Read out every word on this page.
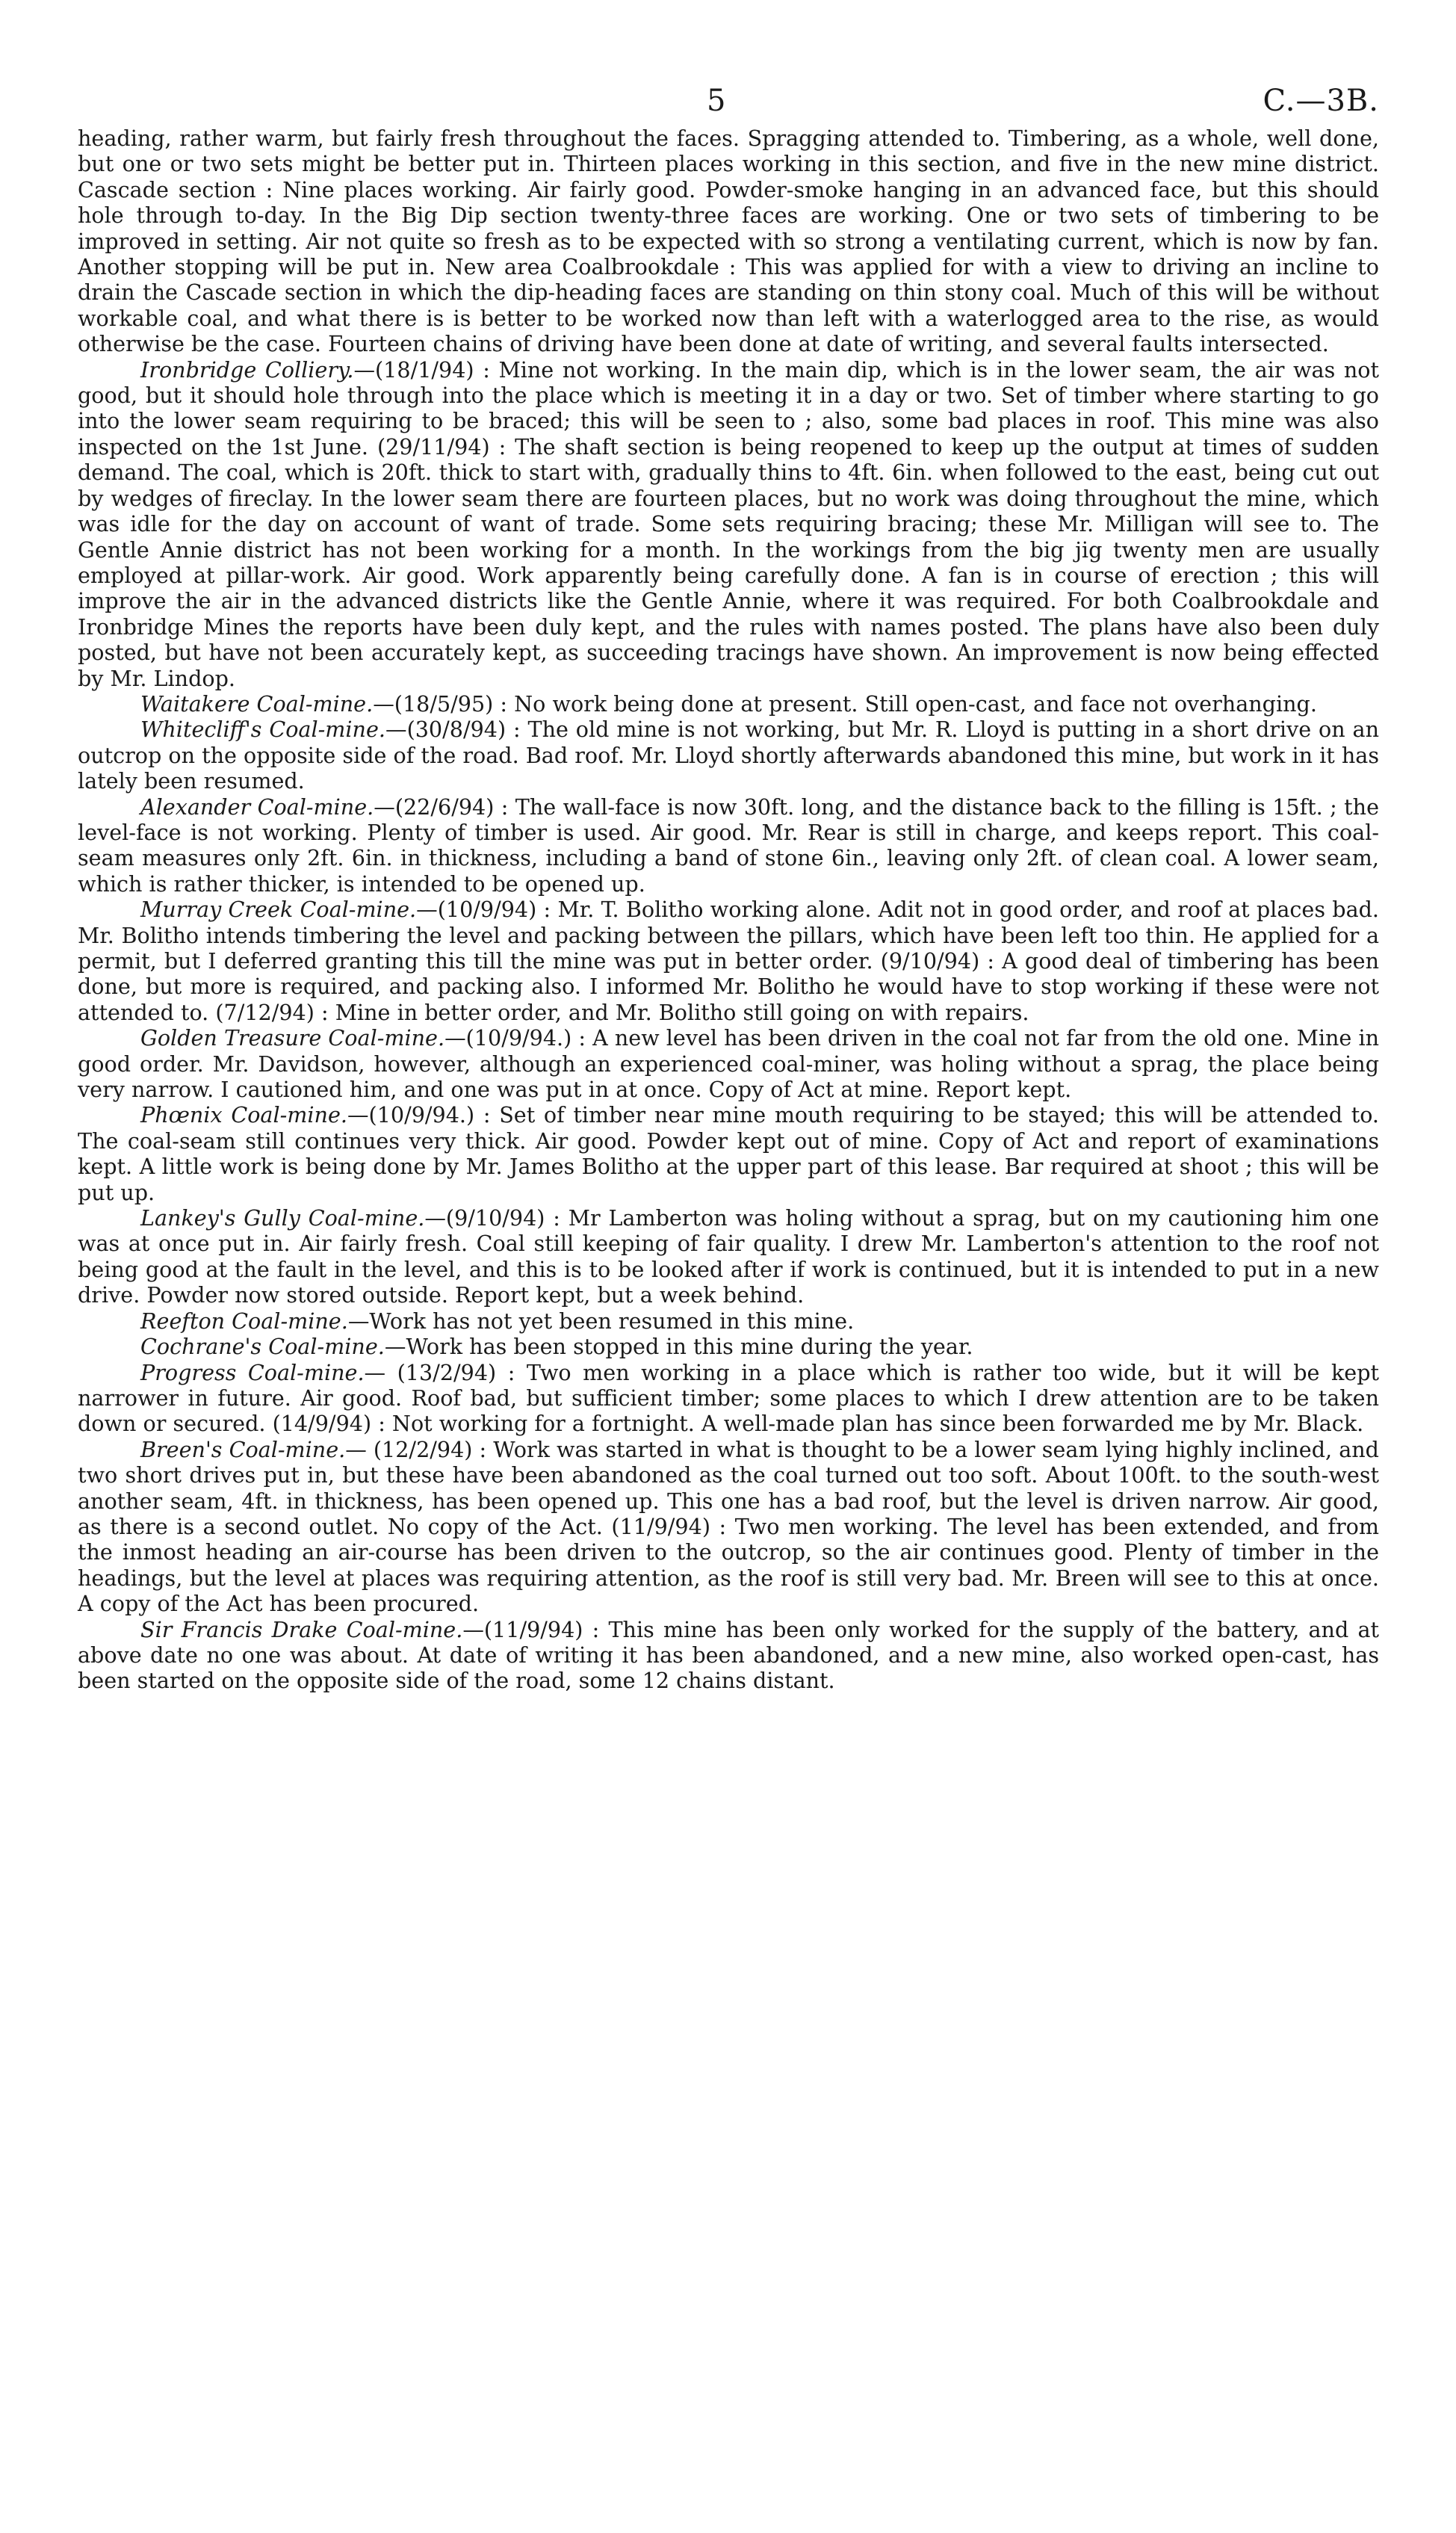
5	C.—3B.

heading, rather warm, but fairly fresh throughout the faces. Spragging attended to. Timbering, as a whole, well done, but one or two sets might be better put in. Thirteen places working in this section, and five in the new mine district. Cascade section : Nine places working. Air fairly good. Powder-smoke hanging in an advanced face, but this should hole through to-day. In the Big Dip section twenty-three faces are working. One or two sets of timbering to be improved in setting. Air not quite so fresh as to be expected with so strong a ventilating current, which is now by fan. Another stopping will be put in. New area Coalbrookdale : This was applied for with a view to driving an incline to drain the Cascade section in which the dip-heading faces are standing on thin stony coal. Much of this will be without workable coal, and what there is is better to be worked now than left with a waterlogged area to the rise, as would otherwise be the case. Fourteen chains of driving have been done at date of writing, and several faults intersected.

Ironbridge Colliery.—(18/1/94) : Mine not working. In the main dip, which is in the lower seam, the air was not good, but it should hole through into the place which is meeting it in a day or two. Set of timber where starting to go into the lower seam requiring to be braced; this will be seen to ; also, some bad places in roof. This mine was also inspected on the 1st June. (29/11/94) : The shaft section is being reopened to keep up the output at times of sudden demand. The coal, which is 20ft. thick to start with, gradually thins to 4ft. 6in. when followed to the east, being cut out by wedges of fireclay. In the lower seam there are fourteen places, but no work was doing throughout the mine, which was idle for the day on account of want of trade. Some sets requiring bracing; these Mr. Milligan will see to. The Gentle Annie district has not been working for a month. In the workings from the big jig twenty men are usually employed at pillar-work. Air good. Work apparently being carefully done. A fan is in course of erection ; this will improve the air in the advanced districts like the Gentle Annie, where it was required. For both Coalbrookdale and Ironbridge Mines the reports have been duly kept, and the rules with names posted. The plans have also been duly posted, but have not been accurately kept, as succeeding tracings have shown. An improvement is now being effected by Mr. Lindop.

Waitakere Coal-mine.—(18/5/95) : No work being done at present. Still open-cast, and face not overhanging.

Whitecliff's Coal-mine.—(30/8/94) : The old mine is not working, but Mr. R. Lloyd is putting in a short drive on an outcrop on the opposite side of the road. Bad roof. Mr. Lloyd shortly afterwards abandoned this mine, but work in it has lately been resumed.

Alexander Coal-mine.—(22/6/94) : The wall-face is now 30ft. long, and the distance back to the filling is 15ft. ; the level-face is not working. Plenty of timber is used. Air good. Mr. Rear is still in charge, and keeps report. This coal-seam measures only 2ft. 6in. in thickness, including a band of stone 6in., leaving only 2ft. of clean coal. A lower seam, which is rather thicker, is intended to be opened up.

Murray Creek Coal-mine.—(10/9/94) : Mr. T. Bolitho working alone. Adit not in good order, and roof at places bad. Mr. Bolitho intends timbering the level and packing between the pillars, which have been left too thin. He applied for a permit, but I deferred granting this till the mine was put in better order. (9/10/94) : A good deal of timbering has been done, but more is required, and packing also. I informed Mr. Bolitho he would have to stop working if these were not attended to. (7/12/94) : Mine in better order, and Mr. Bolitho still going on with repairs.

Golden Treasure Coal-mine.—(10/9/94.) : A new level has been driven in the coal not far from the old one. Mine in good order. Mr. Davidson, however, although an experienced coal-miner, was holing without a sprag, the place being very narrow. I cautioned him, and one was put in at once. Copy of Act at mine. Report kept.

Phœnix Coal-mine.—(10/9/94.) : Set of timber near mine mouth requiring to be stayed; this will be attended to. The coal-seam still continues very thick. Air good. Powder kept out of mine. Copy of Act and report of examinations kept. A little work is being done by Mr. James Bolitho at the upper part of this lease. Bar required at shoot ; this will be put up.

Lankey's Gully Coal-mine.—(9/10/94) : Mr Lamberton was holing without a sprag, but on my cautioning him one was at once put in. Air fairly fresh. Coal still keeping of fair quality. I drew Mr. Lamberton's attention to the roof not being good at the fault in the level, and this is to be looked after if work is continued, but it is intended to put in a new drive. Powder now stored outside. Report kept, but a week behind.

Reefton Coal-mine.—Work has not yet been resumed in this mine.

Cochrane's Coal-mine.—Work has been stopped in this mine during the year.

Progress Coal-mine.— (13/2/94) : Two men working in a place which is rather too wide, but it will be kept narrower in future. Air good. Roof bad, but sufficient timber; some places to which I drew attention are to be taken down or secured. (14/9/94) : Not working for a fortnight. A well-made plan has since been forwarded me by Mr. Black.

Breen's Coal-mine.— (12/2/94) : Work was started in what is thought to be a lower seam lying highly inclined, and two short drives put in, but these have been abandoned as the coal turned out too soft. About 100ft. to the south-west another seam, 4ft. in thickness, has been opened up. This one has a bad roof, but the level is driven narrow. Air good, as there is a second outlet. No copy of the Act. (11/9/94) : Two men working. The level has been extended, and from the inmost heading an air-course has been driven to the outcrop, so the air continues good. Plenty of timber in the headings, but the level at places was requiring attention, as the roof is still very bad. Mr. Breen will see to this at once. A copy of the Act has been procured.

Sir Francis Drake Coal-mine.—(11/9/94) : This mine has been only worked for the supply of the battery, and at above date no one was about. At date of writing it has been abandoned, and a new mine, also worked open-cast, has been started on the opposite side of the road, some 12 chains distant.
